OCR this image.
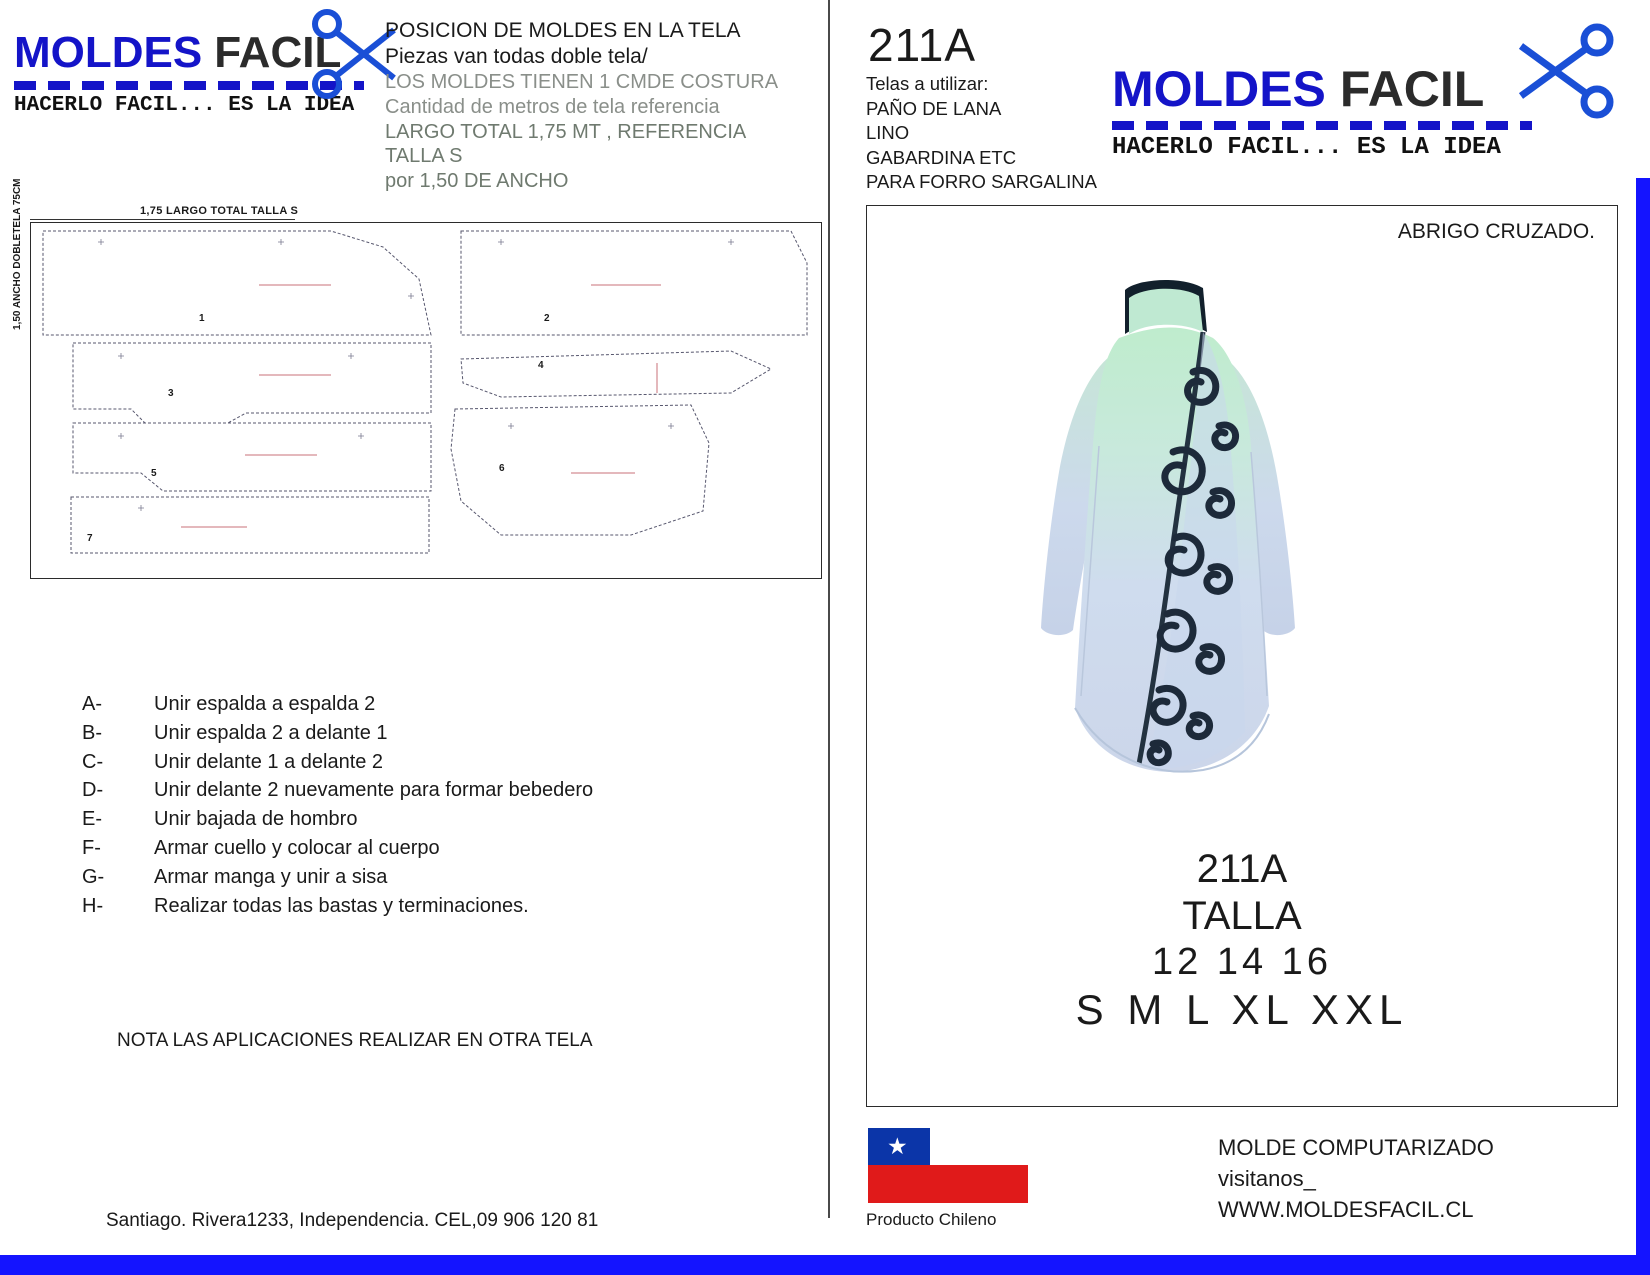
MOLDES FACIL
HACERLO FACIL... ES LA IDEA
POSICION DE MOLDES EN LA TELA
Piezas van todas doble tela/
LOS MOLDES TIENEN 1 CMDE COSTURA
Cantidad de metros de tela referencia
LARGO TOTAL 1,75 MT , REFERENCIA TALLA S
por 1,50 DE ANCHO
1,75 LARGO TOTAL TALLA S
1,50 ANCHO DOBLETELA 75CM	1	2
3
4
5	6
7
A-	Unir espalda a espalda 2
B-	Unir espalda 2 a delante 1
C-	Unir delante 1 a delante 2
D-	Unir delante 2 nuevamente para formar bebedero
E-	Unir bajada de hombro
F-	Armar cuello y colocar al cuerpo
G-	Armar manga y unir a sisa
H-	Realizar todas las bastas y terminaciones.
NOTA LAS APLICACIONES REALIZAR EN OTRA TELA
Santiago. Rivera1233, Independencia. CEL,09 906 120 81
211A
Telas a utilizar:
PAÑO DE LANA
LINO
GABARDINA ETC
PARA FORRO SARGALINA
MOLDES FACIL
HACERLO FACIL... ES LA IDEA
ABRIGO CRUZADO.
211A
TALLA
12 14 16
S M L XL XXL
★
Producto Chileno
MOLDE COMPUTARIZADO
visitanos_
WWW.MOLDESFACIL.CL
